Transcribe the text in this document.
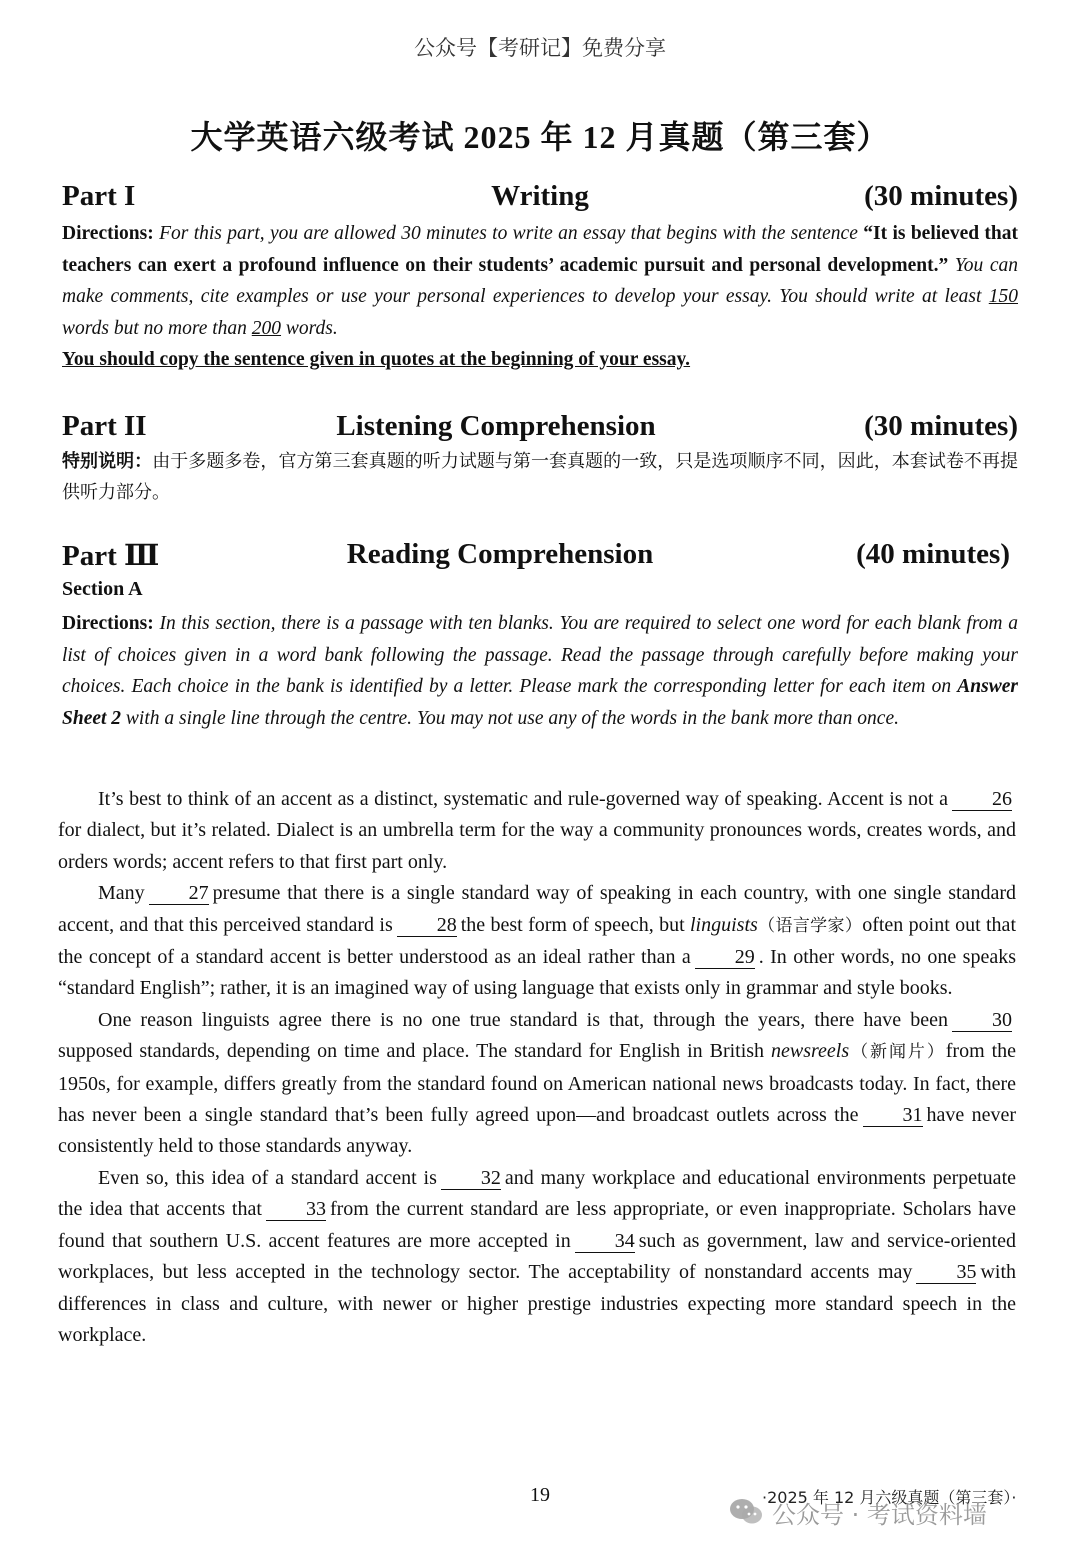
公众号【考研记】免费分享
大学英语六级考试 2025 年 12 月真题（第三套）
Part I	Writing	(30 minutes)
Directions: For this part, you are allowed 30 minutes to write an essay that begins with the sentence “It is believed that teachers can exert a profound influence on their students’ academic pursuit and personal development.” You can make comments, cite examples or use your personal experiences to develop your essay. You should write at least 150 words but no more than 200 words.
You should copy the sentence given in quotes at the beginning of your essay.
Part II	Listening Comprehension	(30 minutes)
特别说明：由于多题多卷，官方第三套真题的听力试题与第一套真题的一致，只是选项顺序不同，因此，本套试卷不再提供听力部分。
Part Ⅲ	Reading Comprehension	(40 minutes)
Section A
Directions: In this section, there is a passage with ten blanks. You are required to select one word for each blank from a list of choices given in a word bank following the passage. Read the passage through carefully before making your choices. Each choice in the bank is identified by a letter. Please mark the corresponding letter for each item on Answer Sheet 2 with a single line through the centre. You may not use any of the words in the bank more than once.

It’s best to think of an accent as a distinct, systematic and rule-governed way of speaking. Accent is not a 26for dialect, but it’s related. Dialect is an umbrella term for the way a community pronounces words, creates words, and orders words; accent refers to that first part only.

Many 27 presume that there is a single standard way of speaking in each country, with one single standard accent, and that this perceived standard is 28 the best form of speech, but linguists（语言学家）often point out that the concept of a standard accent is better understood as an ideal rather than a 29 . In other words, no one speaks “standard English”; rather, it is an imagined way of using language that exists only in grammar and style books.

One reason linguists agree there is no one true standard is that, through the years, there have been 30supposed standards, depending on time and place. The standard for English in British newsreels（新闻片）from the 1950s, for example, differs greatly from the standard found on American national news broadcasts today. In fact, there has never been a single standard that’s been fully agreed upon—and broadcast outlets across the 31 have never consistently held to those standards anyway.

Even so, this idea of a standard accent is 32 and many workplace and educational environments perpetuate the idea that accents that 33 from the current standard are less appropriate, or even inappropriate. Scholars have found that southern U.S. accent features are more accepted in 34 such as government, law and service-oriented workplaces, but less accepted in the technology sector. The acceptability of nonstandard accents may 35 with differences in class and culture, with newer or higher prestige industries expecting more standard speech in the workplace.

19	·2025 年 12 月六级真题（第三套）·
公众号 · 考试资料墙
